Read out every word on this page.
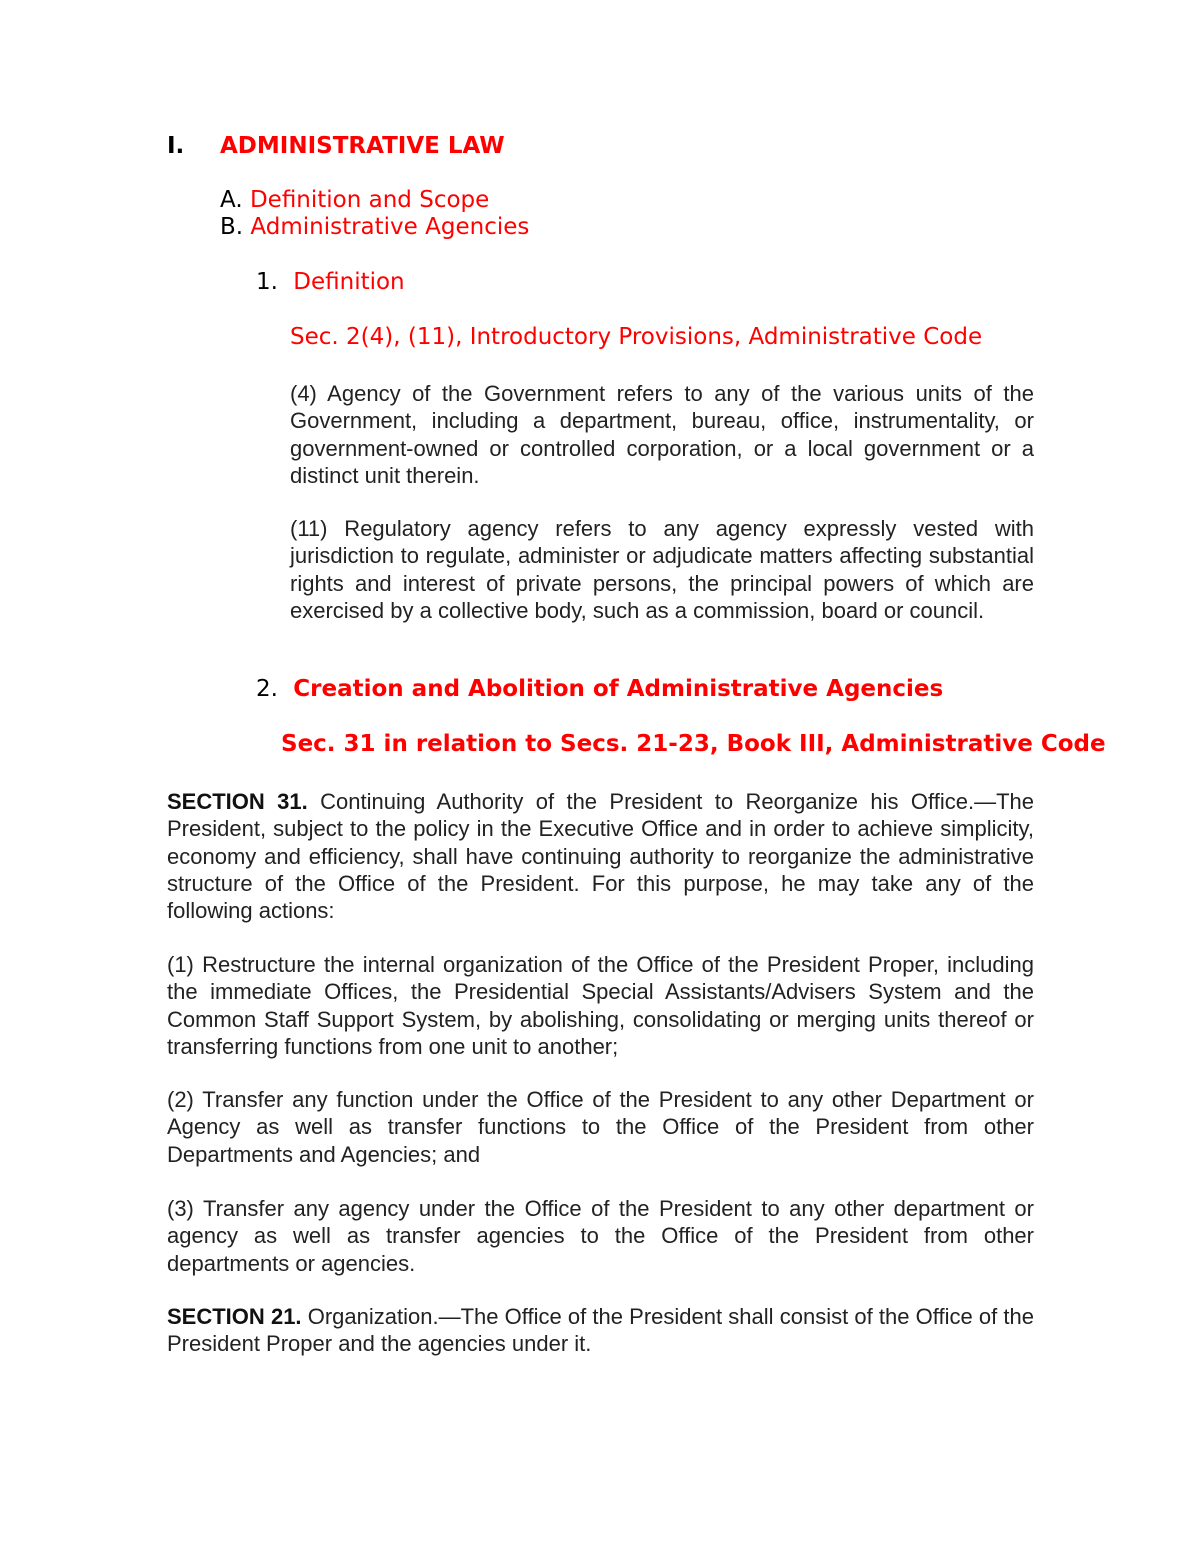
I. ADMINISTRATIVE LAW
A. Definition and Scope
B. Administrative Agencies
1. Definition
Sec. 2(4), (11), Introductory Provisions, Administrative Code

(4) Agency of the Government refers to any of the various units of the Government, including a department, bureau, office, instrumentality, or government-owned or controlled corporation, or a local government or a distinct unit therein.

(11) Regulatory agency refers to any agency expressly vested with jurisdiction to regulate, administer or adjudicate matters affecting substantial rights and interest of private persons, the principal powers of which are exercised by a collective body, such as a commission, board or council.

2. Creation and Abolition of Administrative Agencies
Sec. 31 in relation to Secs. 21-23, Book III, Administrative Code

SECTION 31. Continuing Authority of the President to Reorganize his Office.—The President, subject to the policy in the Executive Office and in order to achieve simplicity, economy and efficiency, shall have continuing authority to reorganize the administrative structure of the Office of the President. For this purpose, he may take any of the following actions:

(1) Restructure the internal organization of the Office of the President Proper, including the immediate Offices, the Presidential Special Assistants/Advisers System and the Common Staff Support System, by abolishing, consolidating or merging units thereof or transferring functions from one unit to another;

(2) Transfer any function under the Office of the President to any other Department or Agency as well as transfer functions to the Office of the President from other Departments and Agencies; and

(3) Transfer any agency under the Office of the President to any other department or agency as well as transfer agencies to the Office of the President from other departments or agencies.

SECTION 21. Organization.—The Office of the President shall consist of the Office of the President Proper and the agencies under it.
